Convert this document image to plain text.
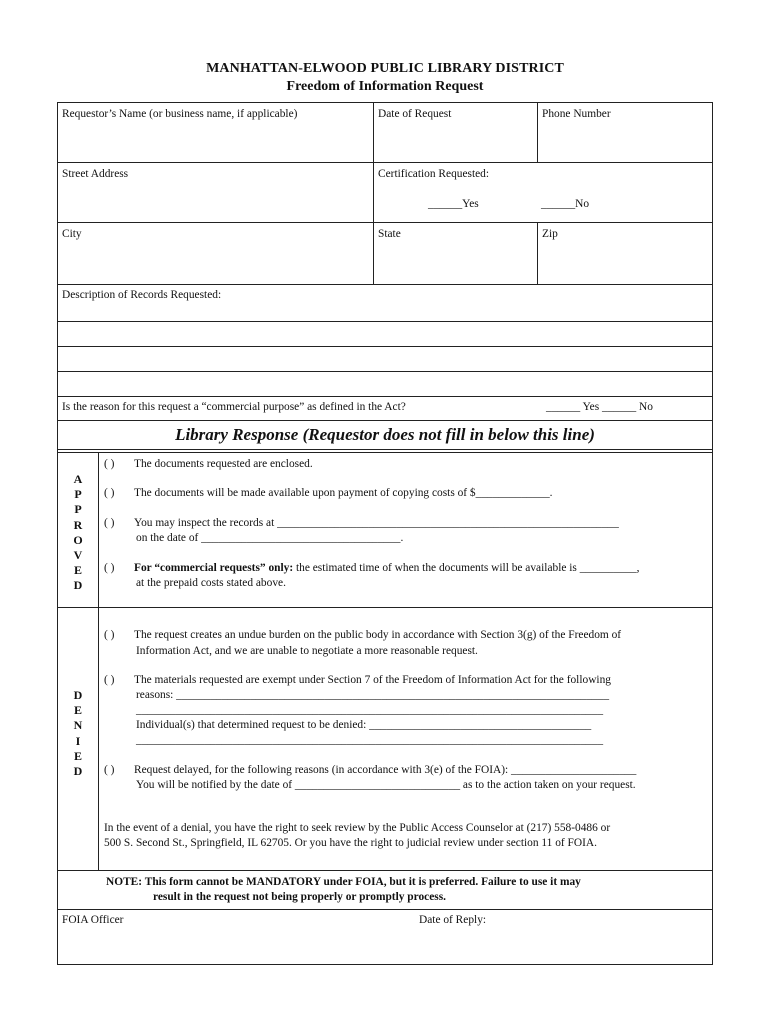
MANHATTAN-ELWOOD PUBLIC LIBRARY DISTRICT
Freedom of Information Request
Requestor’s Name (or business name, if applicable)	Date of Request	Phone Number
Street Address	Certification Requested:
______Yes	______No
City	State	Zip
Description of Records Requested:
Is the reason for this request a “commercial purpose” as defined in the Act?	______ Yes ______ No
Library Response (Requestor does not fill in below this line)
A
P
P
R
O
V
E
D
( ) The documents requested are enclosed.
( ) The documents will be made available upon payment of copying costs of $_____________.
( ) You may inspect the records at ____________________________________________________________
on the date of ___________________________________.
( ) For “commercial requests” only: the estimated time of when the documents will be available is __________,
at the prepaid costs stated above.
D
E
N
I
E
D
( ) The request creates an undue burden on the public body in accordance with Section 3(g) of the Freedom of
Information Act, and we are unable to negotiate a more reasonable request.
( ) The materials requested are exempt under Section 7 of the Freedom of Information Act for the following
reasons: ____________________________________________________________________________
__________________________________________________________________________________
Individual(s) that determined request to be denied: _______________________________________
__________________________________________________________________________________
( ) Request delayed, for the following reasons (in accordance with 3(e) of the FOIA): ______________________
You will be notified by the date of _____________________________ as to the action taken on your request.
In the event of a denial, you have the right to seek review by the Public Access Counselor at (217) 558-0486 or
500 S. Second St., Springfield, IL 62705. Or you have the right to judicial review under section 11 of FOIA.
NOTE: This form cannot be MANDATORY under FOIA, but it is preferred. Failure to use it may
result in the request not being properly or promptly process.
FOIA Officer	Date of Reply:
